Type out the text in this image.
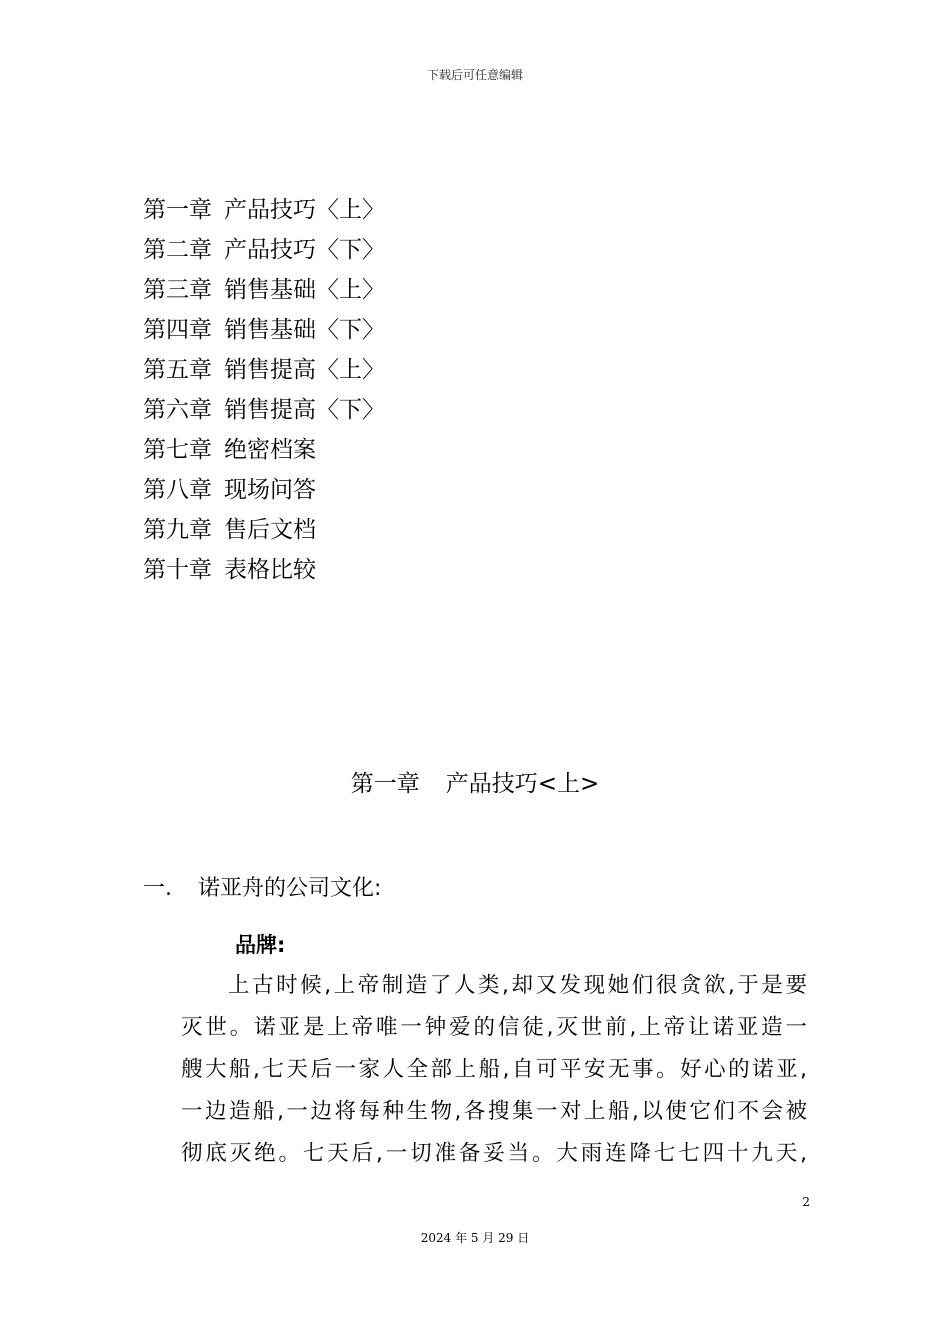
下载后可任意编辑
第一章 产品技巧〈上〉
第二章 产品技巧〈下〉
第三章 销售基础〈上〉
第四章 销售基础〈下〉
第五章 销售提高〈上〉
第六章 销售提高〈下〉
第七章 绝密档案
第八章 现场问答
第九章 售后文档
第十章 表格比较
第一章 产品技巧<上>
一. 诺亚舟的公司文化:
品牌:
上古时候,上帝制造了人类,却又发现她们很贪欲,于是要
灭世。诺亚是上帝唯一钟爱的信徒,灭世前,上帝让诺亚造一
艘大船,七天后一家人全部上船,自可平安无事。好心的诺亚,
一边造船,一边将每种生物,各搜集一对上船,以使它们不会被
彻底灭绝。七天后,一切准备妥当。大雨连降七七四十九天,
2
2024 年 5 月 29 日
